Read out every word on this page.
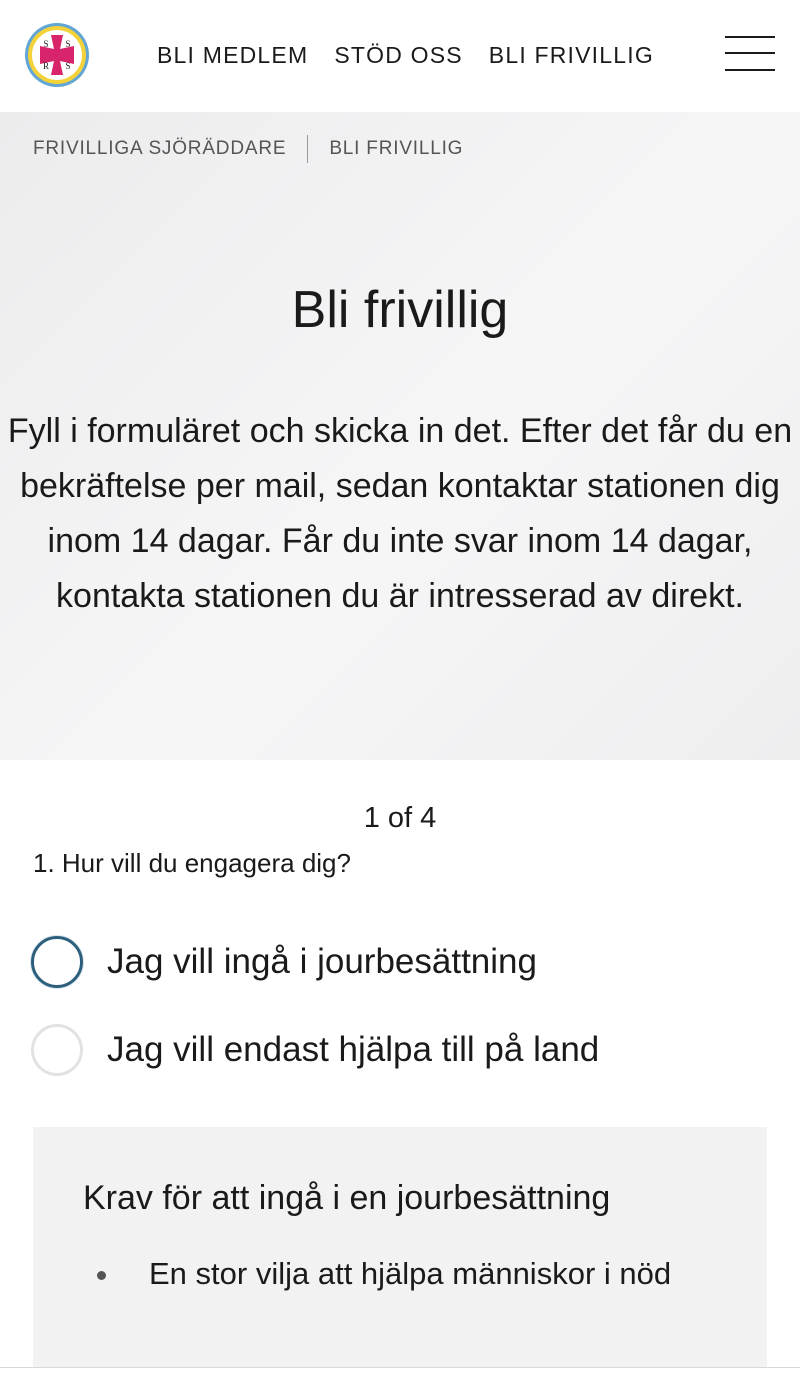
S S
R S	BLI MEDLEM STÖD OSS BLI FRIVILLIG
FRIVILLIGA SJÖRÄDDARE BLI FRIVILLIG
Bli frivillig

Fyll i formuläret och skicka in det. Efter det får du en bekräftelse per mail, sedan kontaktar stationen dig inom 14 dagar. Får du inte svar inom 14 dagar, kontakta stationen du är intresserad av direkt.

1 of 4
1. Hur vill du engagera dig?
Jag vill ingå i jourbesättning
Jag vill endast hjälpa till på land
Krav för att ingå i en jourbesättning
En stor vilja att hjälpa människor i nöd
